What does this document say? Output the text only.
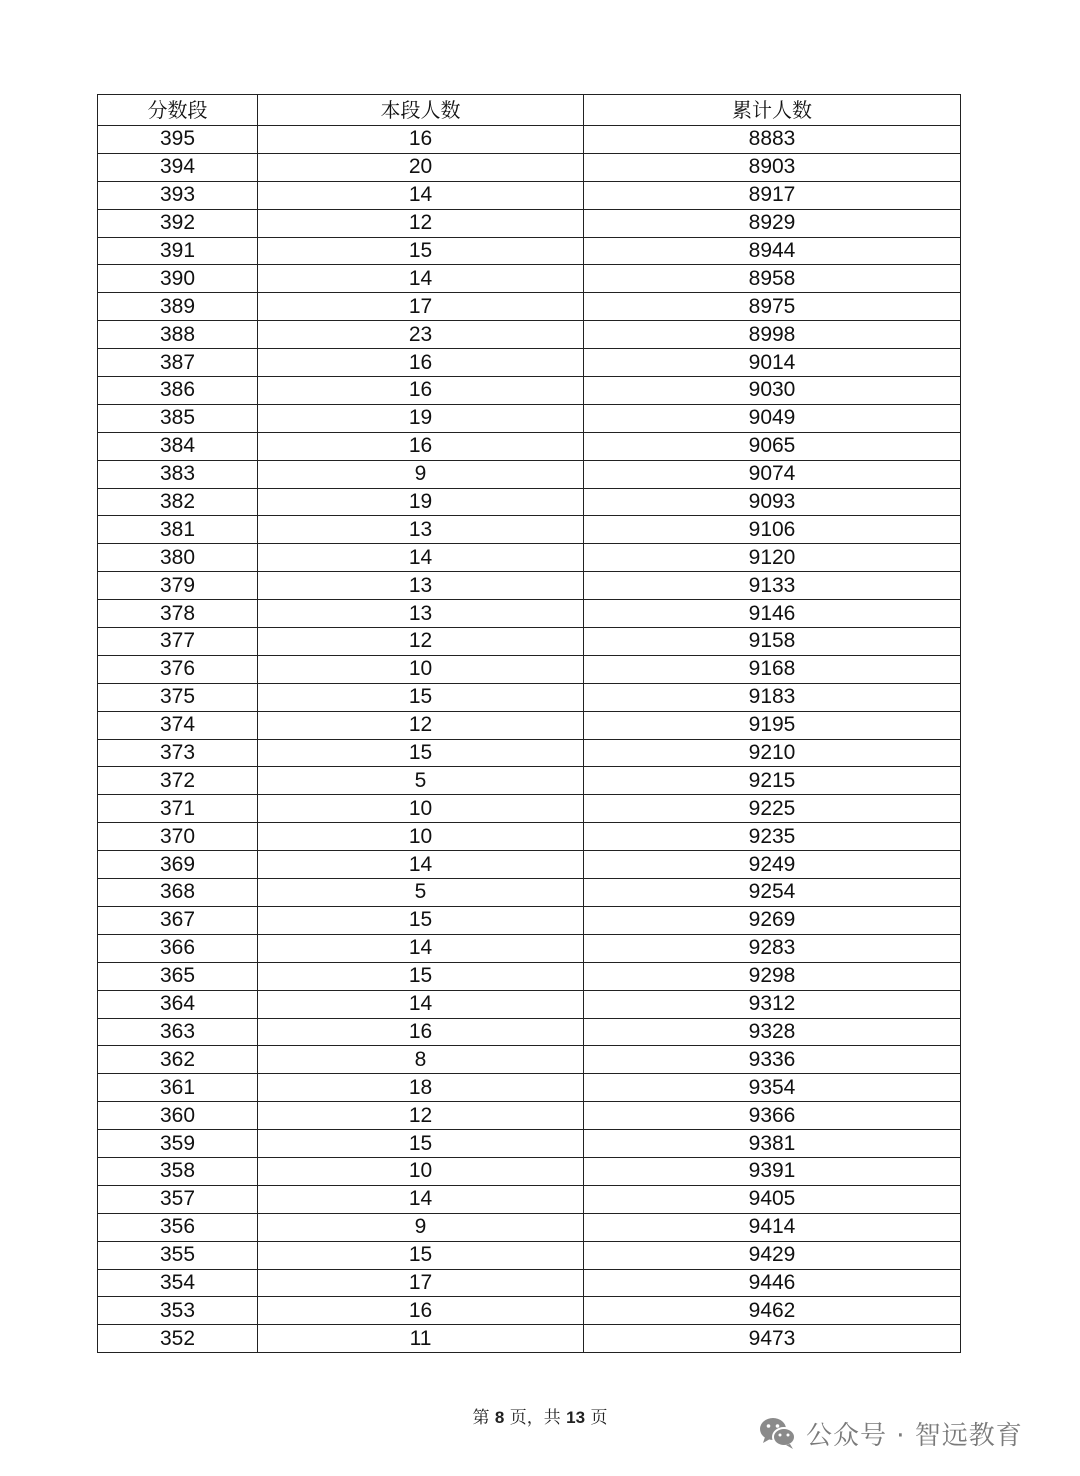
分数段	本段人数	累计人数
395	16	8883
394	20	8903
393	14	8917
392	12	8929
391	15	8944
390	14	8958
389	17	8975
388	23	8998
387	16	9014
386	16	9030
385	19	9049
384	16	9065
383	9	9074
382	19	9093
381	13	9106
380	14	9120
379	13	9133
378	13	9146
377	12	9158
376	10	9168
375	15	9183
374	12	9195
373	15	9210
372	5	9215
371	10	9225
370	10	9235
369	14	9249
368	5	9254
367	15	9269
366	14	9283
365	15	9298
364	14	9312
363	16	9328
362	8	9336
361	18	9354
360	12	9366
359	15	9381
358	10	9391
357	14	9405
356	9	9414
355	15	9429
354	17	9446
353	16	9462
352	11	9473
第 8 页，共 13 页
公众号 · 智远教育
